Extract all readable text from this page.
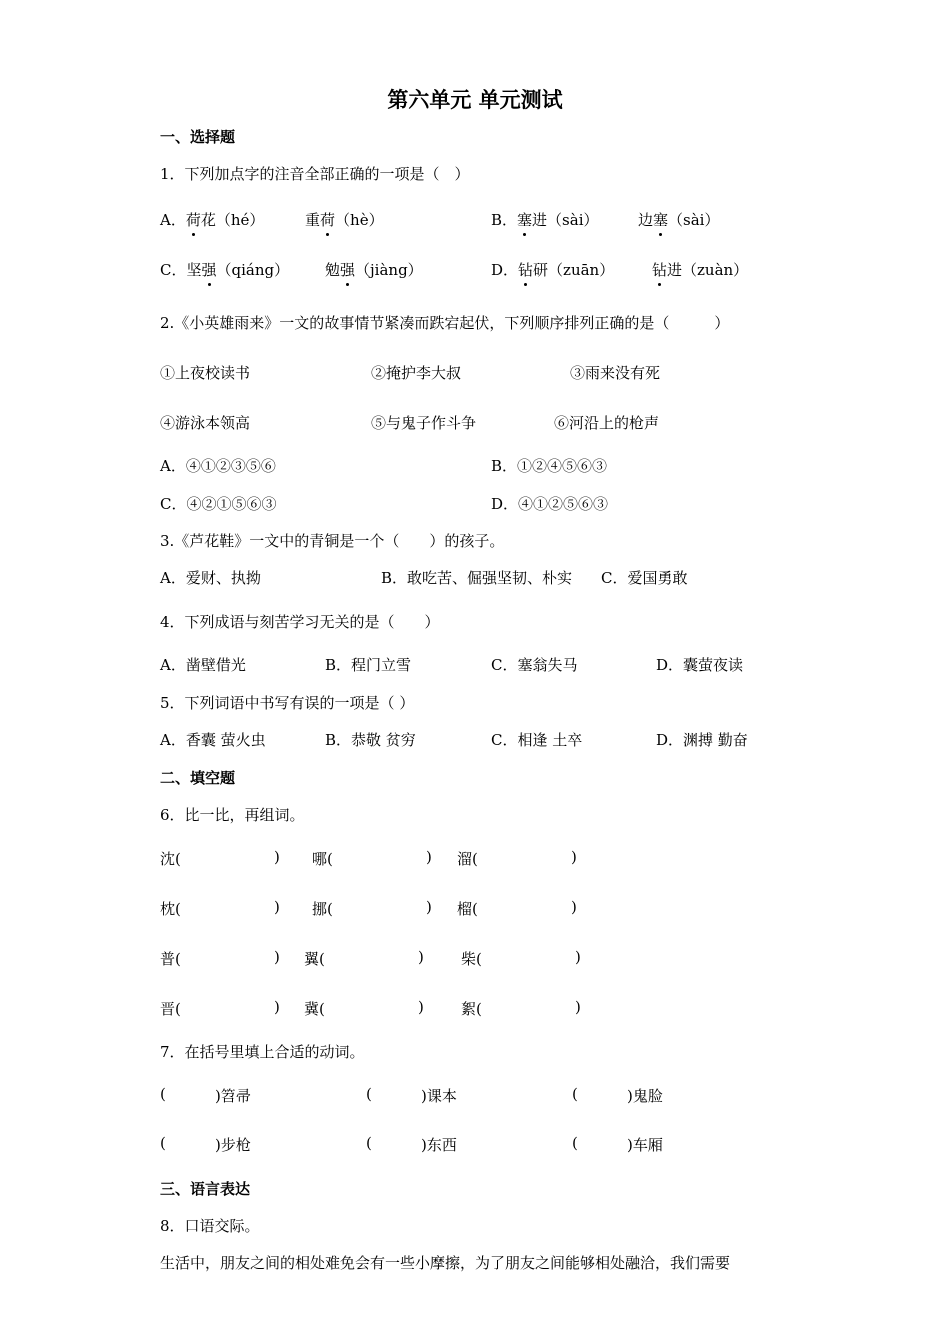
第六单元 单元测试
一、选择题
1．下列加点字的注音全部正确的一项是（　）
A．荷花（hé）	重荷（hè）	B．塞进（sài）	边塞（sài）
C．坚强（qiáng） 勉强（jiàng）	D．钻研（zuān）	钻进（zuàn）
2.《小英雄雨来》一文的故事情节紧凑而跌宕起伏，下列顺序排列正确的是（　　　）
①上夜校读书	②掩护李大叔	③雨来没有死
④游泳本领高	⑤与鬼子作斗争	⑥河沿上的枪声
A．④①②③⑤⑥	B．①②④⑤⑥③
C．④②①⑤⑥③	D．④①②⑤⑥③
3.《芦花鞋》一文中的青铜是一个（　　）的孩子。
A．爱财、执拗	B．敢吃苦、倔强坚韧、朴实 C．爱国勇敢
4．下列成语与刻苦学习无关的是（　　）
A．凿壁借光	B．程门立雪	C．塞翁失马	D．囊萤夜读
5．下列词语中书写有误的一项是（ ）
A．香囊 萤火虫	B．恭敬 贫穷	C．相逢 土卒	D．渊搏 勤奋
二、填空题
6．比一比，再组词。
沈(	) 哪(	) 溜(	)
枕(	) 挪(	) 榴(	)
普(	) 翼(	) 柴(	)
晋(	) 冀(	) 絮(	)
7．在括号里填上合适的动词。
(	)笤帚	(	)课本	(	)鬼脸
(	)步枪	(	)东西	(	)车厢
三、语言表达
8．口语交际。
生活中，朋友之间的相处难免会有一些小摩擦，为了朋友之间能够相处融洽，我们需要
